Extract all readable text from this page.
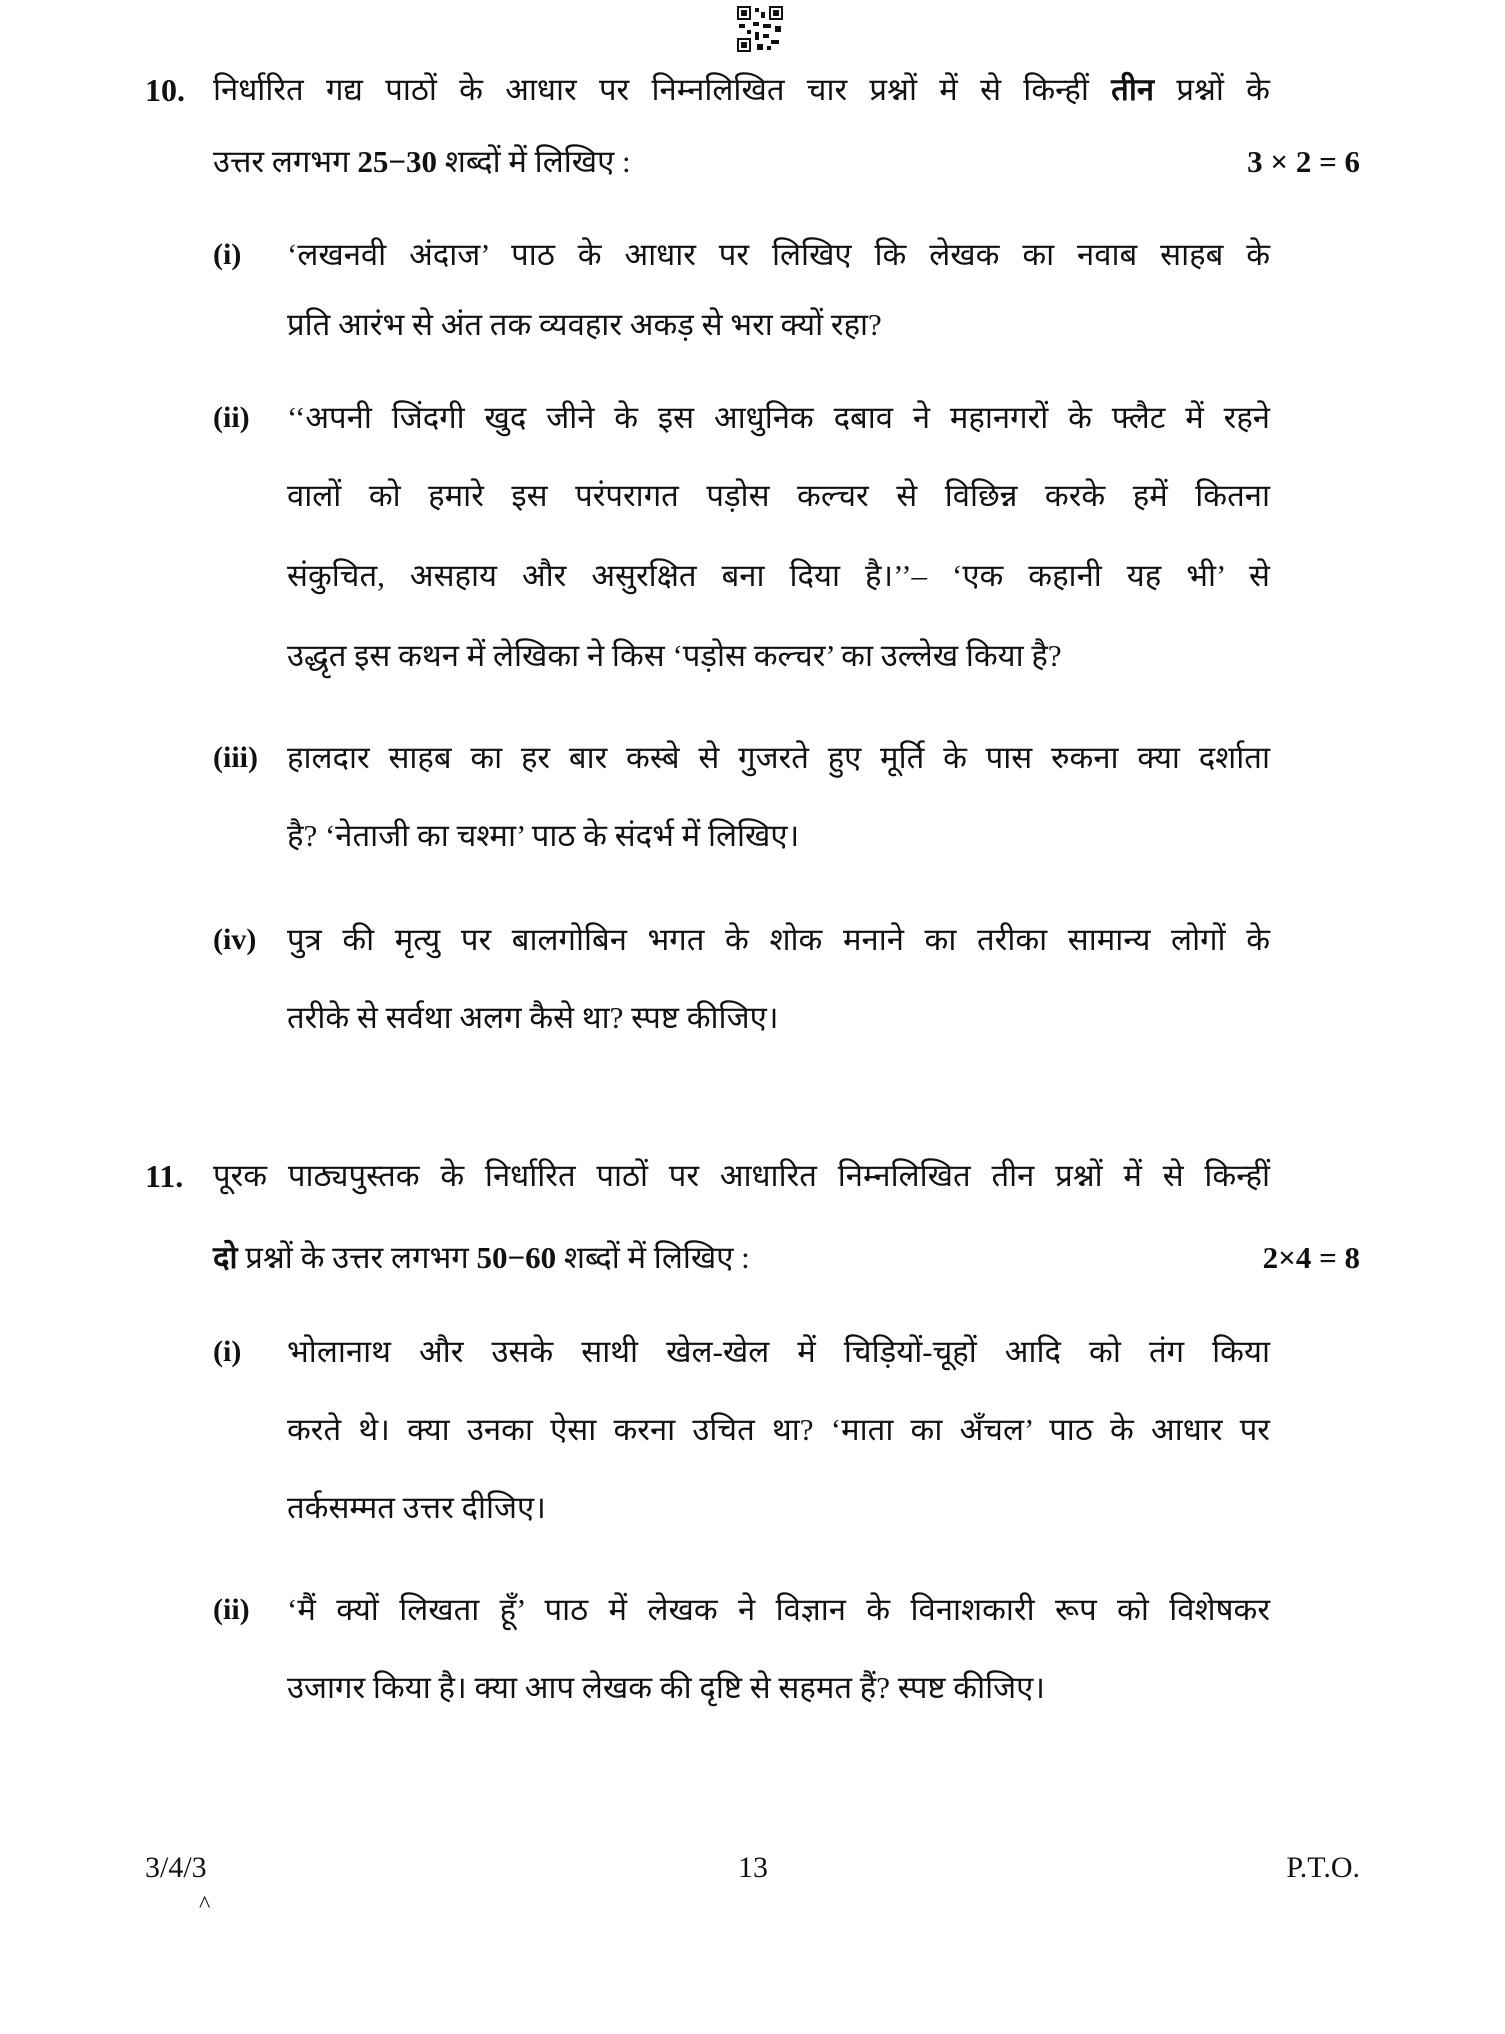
10. निर्धारित गद्य पाठों के आधार पर निम्नलिखित चार प्रश्नों में से किन्हीं तीन प्रश्नों के
उत्तर लगभग 25−30 शब्दों में लिखिए :	3 × 2 = 6
(i) ‘लखनवी अंदाज’ पाठ के आधार पर लिखिए कि लेखक का नवाब साहब के
प्रति आरंभ से अंत तक व्यवहार अकड़ से भरा क्यों रहा?
(ii) ‘‘अपनी जिंदगी खुद जीने के इस आधुनिक दबाव ने महानगरों के फ्लैट में रहने
वालों को हमारे इस परंपरागत पड़ोस कल्चर से विछिन्न करके हमें कितना
संकुचित, असहाय और असुरक्षित बना दिया है।’’– ‘एक कहानी यह भी’ से
उद्धृत इस कथन में लेखिका ने किस ‘पड़ोस कल्चर’ का उल्लेख किया है?
(iii) हालदार साहब का हर बार कस्बे से गुजरते हुए मूर्ति के पास रुकना क्या दर्शाता
है? ‘नेताजी का चश्मा’ पाठ के संदर्भ में लिखिए।
(iv) पुत्र की मृत्यु पर बालगोबिन भगत के शोक मनाने का तरीका सामान्य लोगों के
तरीके से सर्वथा अलग कैसे था? स्पष्ट कीजिए।
11. पूरक पाठ्यपुस्तक के निर्धारित पाठों पर आधारित निम्नलिखित तीन प्रश्नों में से किन्हीं
दो प्रश्नों के उत्तर लगभग 50−60 शब्दों में लिखिए :	2×4 = 8
(i) भोलानाथ और उसके साथी खेल-खेल में चिड़ियों-चूहों आदि को तंग किया
करते थे। क्या उनका ऐसा करना उचित था? ‘माता का अँचल’ पाठ के आधार पर
तर्कसम्मत उत्तर दीजिए।
(ii) ‘मैं क्यों लिखता हूँ’ पाठ में लेखक ने विज्ञान के विनाशकारी रूप को विशेषकर
उजागर किया है। क्या आप लेखक की दृष्टि से सहमत हैं? स्पष्ट कीजिए।
3/4/3
^
13	P.T.O.
